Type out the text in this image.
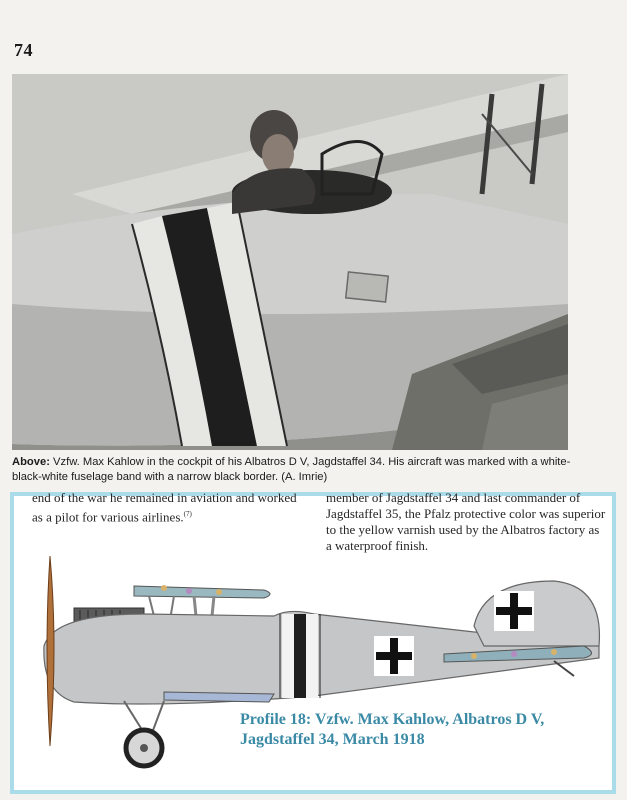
74
Above: Vzfw. Max Kahlow in the cockpit of his Albatros D V, Jagdstaffel 34. His aircraft was marked with a white-black-white fuselage band with a narrow black border. (A. Imrie)
end of the war he remained in aviation and worked
as a pilot for various airlines.$^{(7)}$
member of Jagdstaffel 34 and last commander of
Jagdstaffel 35, the Pfalz protective color was superior
to the yellow varnish used by the Albatros factory as
a waterproof finish.
Profile 18: Vzfw. Max Kahlow, Albatros D V,
Jagdstaffel 34, March 1918
